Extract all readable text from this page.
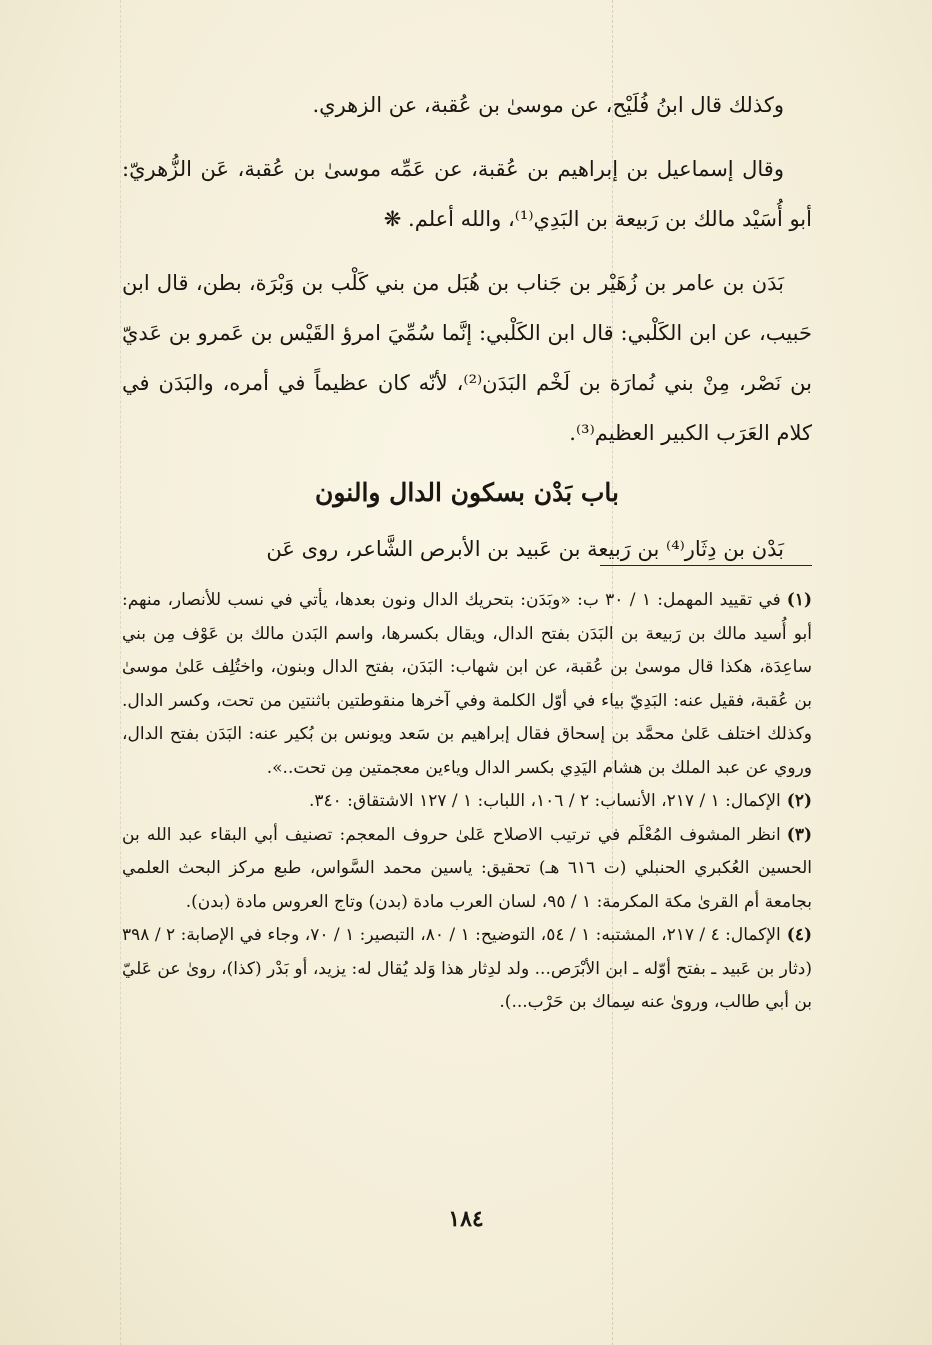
وكذلك قال ابنُ فُلَيْح، عن موسىٰ بن عُقبة، عن الزهري.

وقال إسماعيل بن إبراهيم بن عُقبة، عن عَمِّه موسىٰ بن عُقبة، عَن الزُّهريّ: أبو أُسَيْد مالك بن رَبيعة بن البَدِي⁽¹⁾، والله أعلم. ❋

بَدَن بن عامر بن زُهَيْر بن جَناب بن هُبَل من بني كَلْب بن وَبْرَة، بطن، قال ابن حَبيب، عن ابن الكَلْبي: قال ابن الكَلْبي: إنَّما سُمِّيَ امرؤ القَيْس بن عَمرو بن عَديّ بن نَصْر، مِنْ بني نُمارَة بن لَخْم البَدَن⁽²⁾، لأنّه كان عظيماً في أمره، والبَدَن في كلام العَرَب الكبير العظيم⁽³⁾.

باب بَدْن بسكون الدال والنون

بَدْن بن دِثَار⁽⁴⁾ بن رَبيعة بن عَبيد بن الأبرص الشَّاعر، روى عَن

(١)في تقييد المهمل: ١ / ٣٠ ب: «وبَدَن: بتحريك الدال ونون بعدها، يأتي في نسب للأنصار، منهم: أبو أُسيد مالك بن رَبيعة بن البَدَن بفتح الدال، ويقال بكسرها، واسم البَدن مالك بن عَوْف مِن بني ساعِدَة، هكذا قال موسىٰ بن عُقبة، عن ابن شهاب: البَدَن، بفتح الدال وبنون، واختُلِف عَلىٰ موسىٰ بن عُقبة، فقيل عنه: البَدِيّ بياء في أوّل الكلمة وفي آخرها منقوطتين باثنتين من تحت، وكسر الدال. وكذلك اختلف عَلىٰ محمَّد بن إسحاق فقال إبراهيم بن سَعد ويونس بن بُكير عنه: البَدَن بفتح الدال، وروي عن عبد الملك بن هشام اليَدِي بكسر الدال وياءين معجمتين مِن تحت..».

(٢)الإكمال: ١ / ٢١٧، الأنساب: ٢ / ١٠٦، اللباب: ١ / ١٢٧ الاشتقاق: ٣٤٠.

(٣)انظر المشوف المُعْلَم في ترتيب الاصلاح عَلىٰ حروف المعجم: تصنيف أبي البقاء عبد الله بن الحسين العُكبري الحنبلي (ت ٦١٦ هـ) تحقيق: ياسين محمد السَّواس، طبع مركز البحث العلمي بجامعة أم القرىٰ مكة المكرمة: ١ / ٩٥، لسان العرب مادة (بدن) وتاج العروس مادة (بدن).

(٤)الإكمال: ٤ / ٢١٧، المشتبه: ١ / ٥٤، التوضيح: ١ / ٨٠، التبصير: ١ / ٧٠، وجاء في الإصابة: ٢ / ٣٩٨ (دثار بن عَبيد ـ بفتح أوّله ـ ابن الأبْرَص... ولد لدِثار هذا وَلد يُقال له: يزيد، أو بَدْر (كذا)، روىٰ عن عَليّ بن أبي طالب، وروىٰ عنه سِماك بن حَرْب...).

١٨٤
